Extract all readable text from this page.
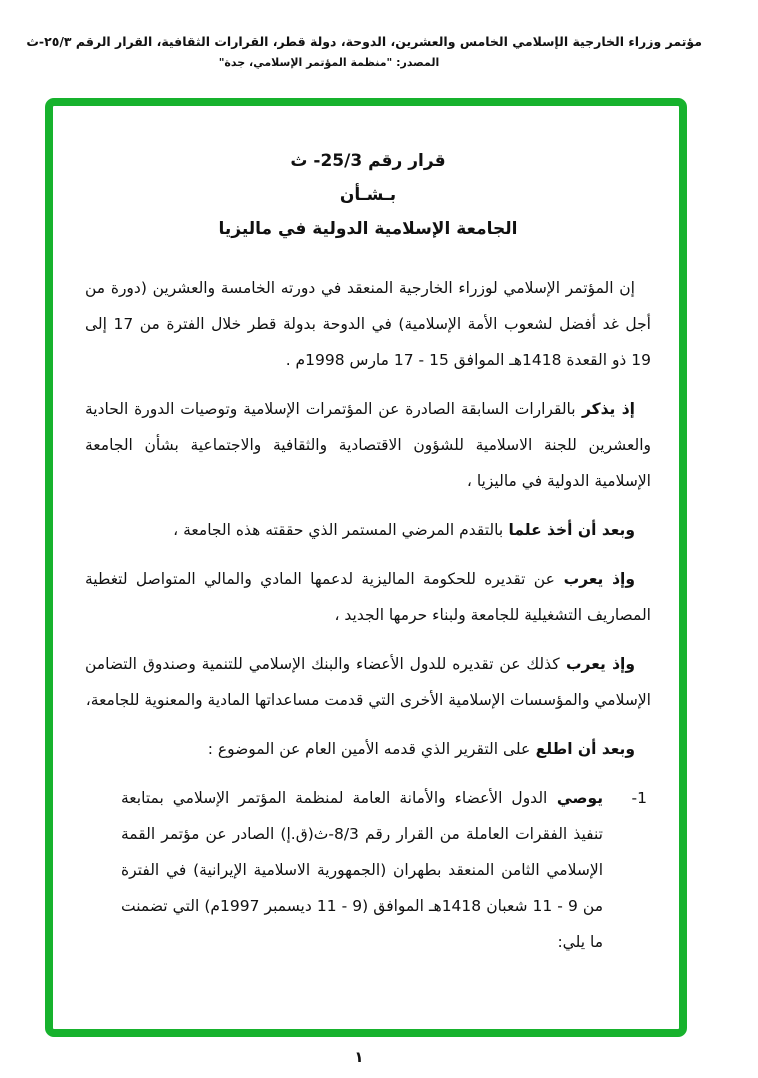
مؤتمر وزراء الخارجية الإسلامي الخامس والعشرين، الدوحة، دولة قطر، القرارات الثقافية، القرار الرقم ٢٥/٣-ث
المصدر: "منظمة المؤتمر الإسلامي، جدة"
قرار رقم 25/3- ث
بـشـأن
الجامعة الإسلامية الدولية في ماليزيا

إن المؤتمر الإسلامي لوزراء الخارجية المنعقد في دورته الخامسة والعشرين (دورة من أجل غد أفضل لشعوب الأمة الإسلامية) في الدوحة بدولة قطر خلال الفترة من 17 إلى 19 ذو القعدة 1418هـ الموافق 15 - 17 مارس 1998م .

إذ يذكر بالقرارات السابقة الصادرة عن المؤتمرات الإسلامية وتوصيات الدورة الحادية والعشرين للجنة الاسلامية للشؤون الاقتصادية والثقافية والاجتماعية بشأن الجامعة الإسلامية الدولية في ماليزيا ،

وبعد أن أخذ علما بالتقدم المرضي المستمر الذي حققته هذه الجامعة ،

وإذ يعرب عن تقديره للحكومة الماليزية لدعمها المادي والمالي المتواصل لتغطية المصاريف التشغيلية للجامعة ولبناء حرمها الجديد ،

وإذ يعرب كذلك عن تقديره للدول الأعضاء والبنك الإسلامي للتنمية وصندوق التضامن الإسلامي والمؤسسات الإسلامية الأخرى التي قدمت مساعداتها المادية والمعنوية للجامعة،

وبعد أن اطلع على التقرير الذي قدمه الأمين العام عن الموضوع :

1-
يوصي الدول الأعضاء والأمانة العامة لمنظمة المؤتمر الإسلامي بمتابعة تنفيذ الفقرات العاملة من القرار رقم 8/3-ث(ق.إ) الصادر عن مؤتمر القمة الإسلامي الثامن المنعقد بطهران (الجمهورية الاسلامية الإيرانية) في الفترة من 9 - 11 شعبان 1418هـ الموافق (9 - 11 ديسمبر 1997م) التي تضمنت ما يلي:
١
